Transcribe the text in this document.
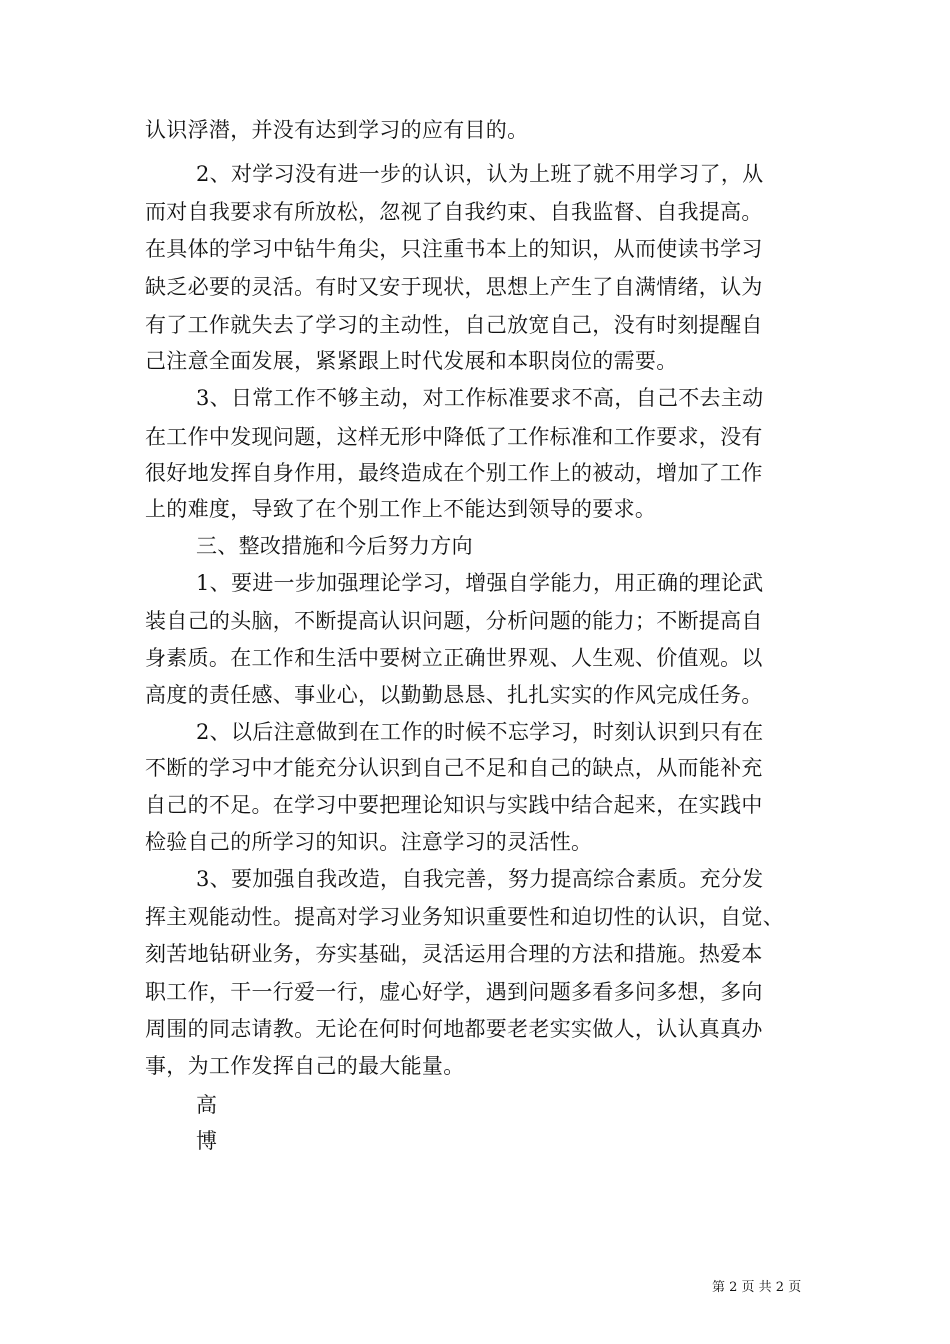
认识浮潜，并没有达到学习的应有目的。
2、对学习没有进一步的认识，认为上班了就不用学习了，从
而对自我要求有所放松，忽视了自我约束、自我监督、自我提高。
在具体的学习中钻牛角尖，只注重书本上的知识，从而使读书学习
缺乏必要的灵活。有时又安于现状，思想上产生了自满情绪，认为
有了工作就失去了学习的主动性，自己放宽自己，没有时刻提醒自
己注意全面发展，紧紧跟上时代发展和本职岗位的需要。
3、日常工作不够主动，对工作标准要求不高，自己不去主动
在工作中发现问题，这样无形中降低了工作标准和工作要求，没有
很好地发挥自身作用，最终造成在个别工作上的被动，增加了工作
上的难度，导致了在个别工作上不能达到领导的要求。
三、整改措施和今后努力方向
1、要进一步加强理论学习，增强自学能力，用正确的理论武
装自己的头脑，不断提高认识问题，分析问题的能力；不断提高自
身素质。在工作和生活中要树立正确世界观、人生观、价值观。以
高度的责任感、事业心，以勤勤恳恳、扎扎实实的作风完成任务。
2、以后注意做到在工作的时候不忘学习，时刻认识到只有在
不断的学习中才能充分认识到自己不足和自己的缺点，从而能补充
自己的不足。在学习中要把理论知识与实践中结合起来，在实践中
检验自己的所学习的知识。注意学习的灵活性。
3、要加强自我改造，自我完善，努力提高综合素质。充分发
挥主观能动性。提高对学习业务知识重要性和迫切性的认识，自觉、
刻苦地钻研业务，夯实基础，灵活运用合理的方法和措施。热爱本
职工作，干一行爱一行，虚心好学，遇到问题多看多问多想，多向
周围的同志请教。无论在何时何地都要老老实实做人，认认真真办
事，为工作发挥自己的最大能量。
高
博
第 2 页 共 2 页
